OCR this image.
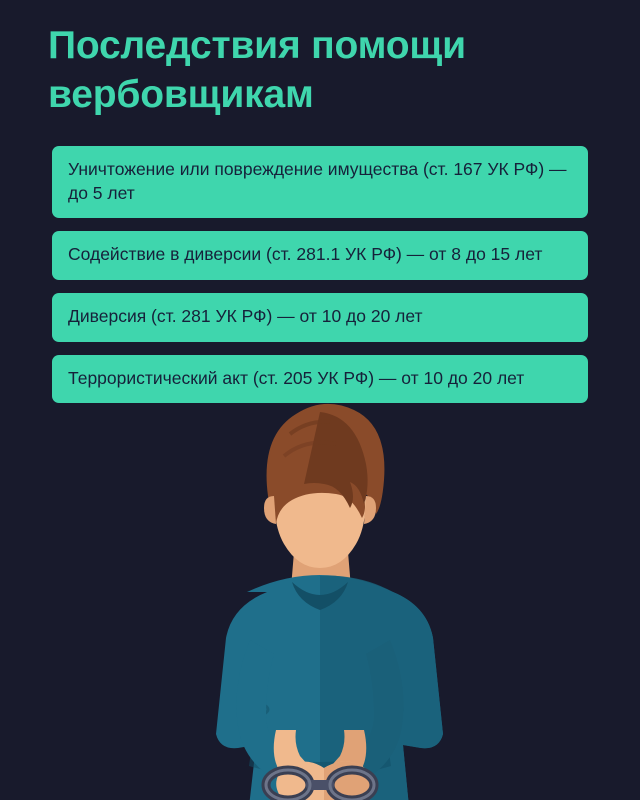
Последствия помощи вербовщикам
Уничтожение или повреждение имущества (ст. 167 УК РФ) — до 5 лет
Содействие в диверсии (ст. 281.1 УК РФ) — от 8 до 15 лет
Диверсия (ст. 281 УК РФ) — от 10 до 20 лет
Террористический акт (ст. 205 УК РФ) — от 10 до 20 лет
